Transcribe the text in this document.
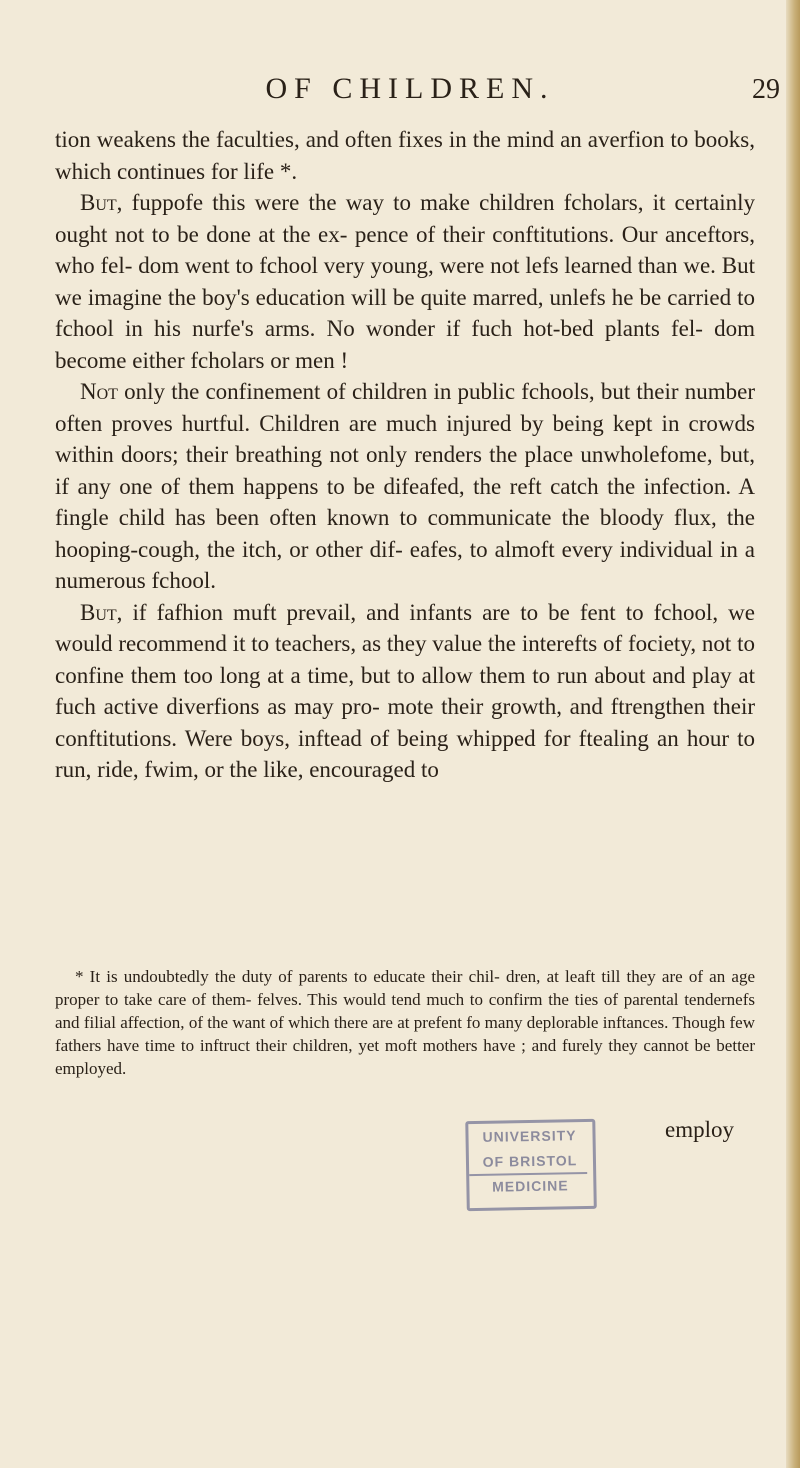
OF CHILDREN.	29

tion weakens the faculties, and often fixes in the mind an averfion to books, which continues for life *.

But, fuppofe this were the way to make children fcholars, it certainly ought not to be done at the ex- pence of their conftitutions. Our anceftors, who fel- dom went to fchool very young, were not lefs learned than we. But we imagine the boy's education will be quite marred, unlefs he be carried to fchool in his nurfe's arms. No wonder if fuch hot-bed plants fel- dom become either fcholars or men !

Not only the confinement of children in public fchools, but their number often proves hurtful. Children are much injured by being kept in crowds within doors; their breathing not only renders the place unwholefome, but, if any one of them happens to be difeafed, the reft catch the infection. A fingle child has been often known to communicate the bloody flux, the hooping-cough, the itch, or other dif- eafes, to almoft every individual in a numerous fchool.

But, if fafhion muft prevail, and infants are to be fent to fchool, we would recommend it to teachers, as they value the interefts of fociety, not to confine them too long at a time, but to allow them to run about and play at fuch active diverfions as may pro- mote their growth, and ftrengthen their conftitutions. Were boys, inftead of being whipped for ftealing an hour to run, ride, fwim, or the like, encouraged to

* It is undoubtedly the duty of parents to educate their chil- dren, at leaft till they are of an age proper to take care of them- felves. This would tend much to confirm the ties of parental tendernefs and filial affection, of the want of which there are at prefent fo many deplorable inftances. Though few fathers have time to inftruct their children, yet moft mothers have ; and furely they cannot be better employed.
UNIVERSITY
OF BRISTOL
MEDICINE
employ
